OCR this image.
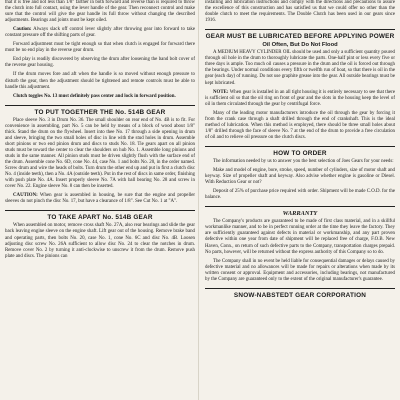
that it is free and not less than 1/8" farther in both forward and reverse than is required to throw the clutch into full contact, using the lever handle of the gear. Then reconnect control and make sure that the control will give the gear handle its full throw without changing the described adjustments. Bearings and joints must be kept oiled.

Caution: Always slack off control lever slightly after throwing gear into forward to take constant pressure off the shifting parts of gear.

Forward adjustment must be tight enough so that when clutch is engaged for forward there must be no end play in the reverse gear drum.

End play is readily discovered by observing the drum after loosening the band bolt cover of the reverse gear housing.

If the drum moves fore and aft when the handle is so moved without enough pressure to disturb the gear, then the adjustment should be tightened and remote controls must be able to handle this adjustment.

Clutch toggles No. 13 must definitely pass center and lock in forward position.

TO PUT TOGETHER THE No. 514B GEAR

Place sleeve No. 3 in Drum No. 36. The small shoulder on rear end of No. 4B is to fit. For convenience in assembling, part No. 5 can be held by means of a block of wood about 1/8" thick. Stand the drum on the flywheel. Insert into thee No. 17 through a side opening in drum and sleeve, bringing the two small holes of disc in line with the stud holes in drum. Assemble short pinions or two end pinion drum and discs to studs No. 18. Tie gears apart on all pinion studs must be toward the center to clear the shoulders on hub No. 1. Assemble long pinions and studs in the same manner. All pinion studs must be driven slightly flush with the surface end of the drum. Assemble cone No. 6D, cone No. 44, case No. 1 and bolts No. 20, in the order named. Screw drum and wire the heads of bolts. Turn drum the other end up and put in first a clutch disc No. 4 (inside teeth), then a No. 4A (outside teeth). Put in the rest of discs in same order, finishing with push plate No. 4A. Insert properly sleeve No. 7A with ball bearing No. 28 and screw in cover No. 22. Engine sleeve No. 8 can then be inserted.

CAUTION: When gear is assembled in housing, be sure that the engine and propeller sleeves do not pinch the disc No. 17, but have a clearance of 1/8". See Cut No. 1 at "A".

TO TAKE APART No. 514B GEAR

When assembled on motor, remove cross shaft No. 27A, also rear bearings and slide the gear back leaving engine sleeve on the engine shaft. Lift gear out of the housing. Remove brake band and operating parts, then bolts No. 20, case No. 1, cone No. 6C and disc No. 4B. Loosen adjusting disc screw No. 26A sufficient to allow disc No. 24 to clear the notches in drum. Remove cover No. 2 by turning it anti-clockwise to unscrew it from the drum. Remove push plate and discs. The pinions can

installing and lubrication instructions and comply with the directions and precautions to assure the excellence of this construction and has satisfied us that we could offer no other than the double clutch to meet the requirements. The Double Clutch has been used in our gears since 1916.

GEAR MUST BE LUBRICATED BEFORE APPLYING POWER
Oil Often, But Do Not Flood

A MEDIUM HEAVY CYLINDER OIL should be used and only a sufficient quantity poured through oil hole in the drum to thoroughly lubricate the parts. One-half pint or less every five or three days is ample. Too much oil causes a pressure in the drum and the oil is forced out through the bearings. Under normal conditions every fifth or twelfth run of boat, so that there is oil in the gear (each day) of running. Do not use graphite grease into the gear. All outside bearings must be kept lubricated.

NOTE: When gear is installed in an all tight housing it is entirely necessary to see that there is sufficient oil so that the oil ring on front of gear and the slots in the housing keep the level of oil in them circulated through the gear by centrifugal force.

Many of the leading motor manufacturers introduce the oil through the gear by forcing it from the crank case through a shaft drilled through the end of crankshaft. This is the ideal method of lubrication. When this method is employed, there should be three small holes about 1/8" drilled through the face of sleeve No. 7 at the end of the drum to provide a free circulation of oil and to relieve oil pressure on the clutch discs.

HOW TO ORDER

The information needed by us to answer you the best selection of Joes Gears for your needs:

Make and model of engine, bore, stroke, speed, number of cylinders, size of motor shaft and keyway. Size of propeller shaft and keyway. Also advise whether engine is gasoline or Diesel. With Reduction Gear or not?

Deposit of 25% of purchase price required with order. Shipment will be made C.O.D. for the balance.

WARRANTY

The Company's products are guaranteed to be made of first class material, and in a skillful workmanlike manner, and to be in perfect running order at the time they leave the factory. They are sufficiently guaranteed against defects in material or workmanship, and any part proven defective within one year from date of shipment will be replaced free of charge, F.O.B. New Haven, Conn., on return of such defective parts to the Company, transportation charges prepaid. No parts, however, will be returned without the express authority of this Company so to do.

The Company shall in no event be held liable for consequential damages or delays caused by defective material and no allowances will be made for repairs or alterations when made by its written consent or approval. Equipment and accessories, including bearings, not manufactured by the Company are guaranteed only to the extent of the original manufacturer's guarantee.

SNOW-NABSTEDT GEAR CORPORATION
